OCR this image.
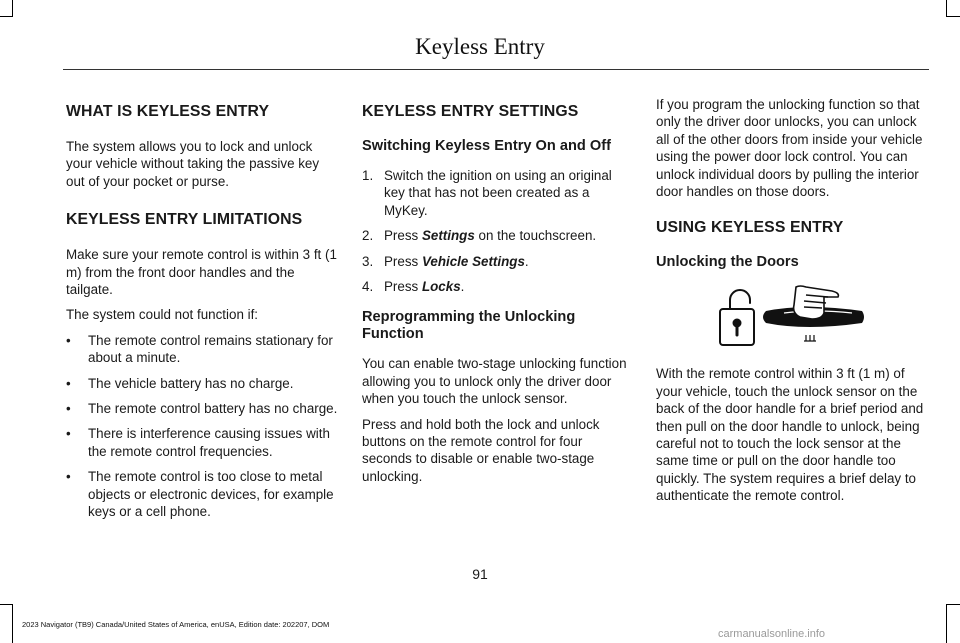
Keyless Entry
WHAT IS KEYLESS ENTRY

The system allows you to lock and unlock your vehicle without taking the passive key out of your pocket or purse.

KEYLESS ENTRY LIMITATIONS

Make sure your remote control is within 3 ft (1 m) from the front door handles and the tailgate.

The system could not function if:

• The remote control remains stationary for about a minute.
• The vehicle battery has no charge.
• The remote control battery has no charge.
• There is interference causing issues with the remote control frequencies.
• The remote control is too close to metal objects or electronic devices, for example keys or a cell phone.
KEYLESS ENTRY SETTINGS
Switching Keyless Entry On and Off
1. Switch the ignition on using an original key that has not been created as a MyKey.
2. Press Settings on the touchscreen.
3. Press Vehicle Settings.
4. Press Locks.
Reprogramming the Unlocking Function

You can enable two-stage unlocking function allowing you to unlock only the driver door when you touch the unlock sensor.

Press and hold both the lock and unlock buttons on the remote control for four seconds to disable or enable two-stage unlocking.

If you program the unlocking function so that only the driver door unlocks, you can unlock all of the other doors from inside your vehicle using the power door lock control. You can unlock individual doors by pulling the interior door handles on those doors.

USING KEYLESS ENTRY
Unlocking the Doors

With the remote control within 3 ft (1 m) of your vehicle, touch the unlock sensor on the back of the door handle for a brief period and then pull on the door handle to unlock, being careful not to touch the lock sensor at the same time or pull on the door handle too quickly. The system requires a brief delay to authenticate the remote control.

91
2023 Navigator (TB9) Canada/United States of America, enUSA, Edition date: 202207, DOM
carmanualsonline.info
